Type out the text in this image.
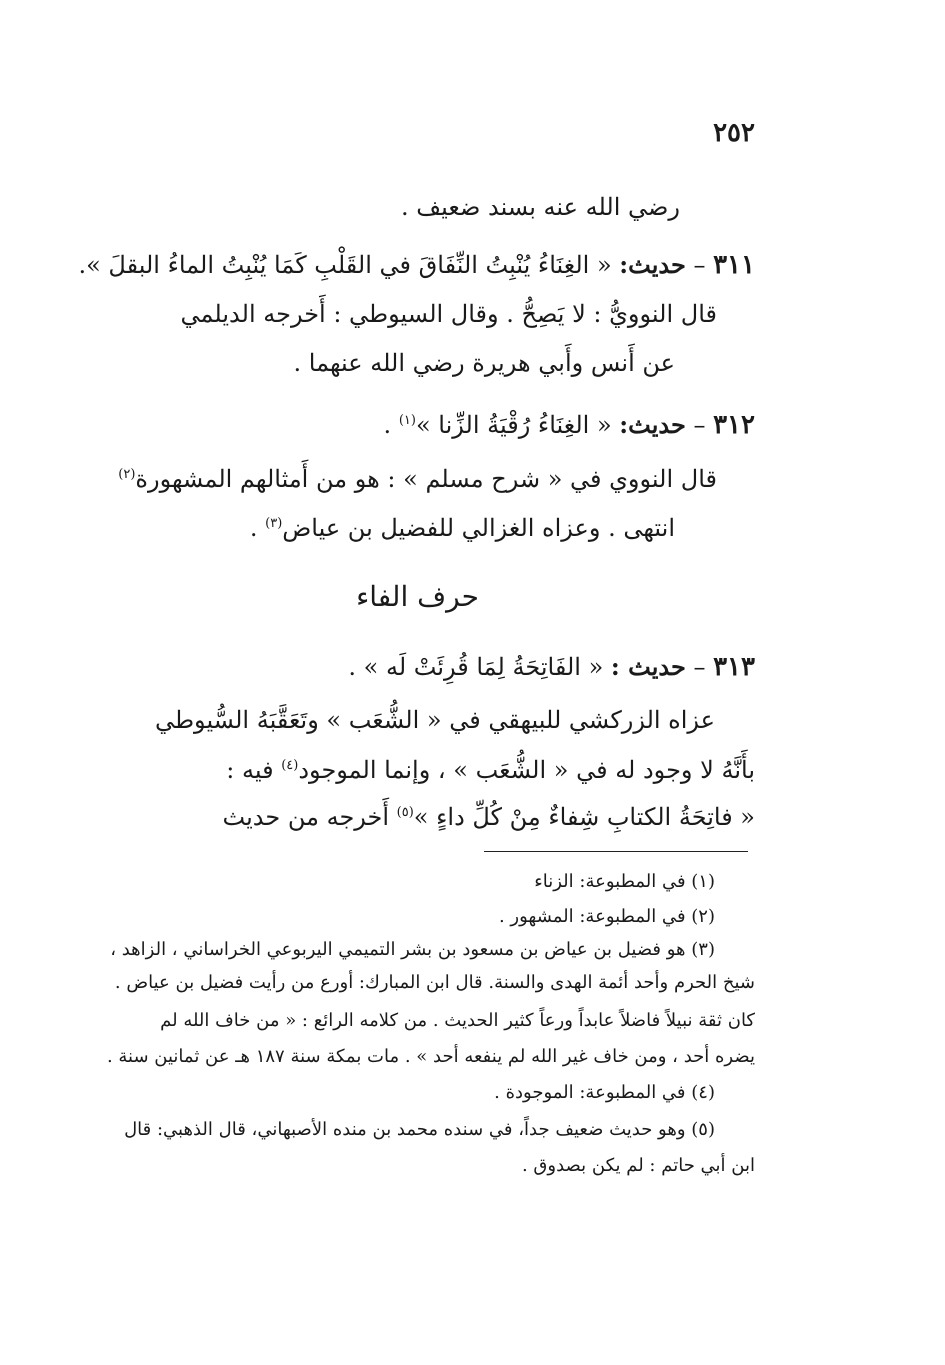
٢٥٢
رضي الله عنه بسند ضعيف .
٣١١ – حديث: « الغِنَاءُ يُنْبِتُ النِّفَاقَ في القَلْبِ كَمَا يُنْبِتُ الماءُ البقلَ ».
قال النوويُّ : لا يَصِحُّ . وقال السيوطي : أَخرجه الديلمي
عن أَنس وأَبي هريرة رضي الله عنهما .
٣١٢ – حديث: « الغِنَاءُ رُقْيَةُ الزِّنا »$^{(١)}$ .
قال النووي في « شرح مسلم » : هو من أَمثالهم المشهورة$^{(٢)}$
انتهى . وعزاه الغزالي للفضيل بن عياض$^{(٣)}$ .
حرف الفاء
٣١٣ – حديث : « الفَاتِحَةُ لِمَا قُرِئَتْ لَه » .
عزاه الزركشي للبيهقي في « الشُّعَب » وتَعَقَّبَهُ السُّيوطي
بأَنَّهُ لا وجود له في « الشُّعَب » ، وإنما الموجود$^{(٤)}$ فيه :
« فاتِحَةُ الكتابِ شِفاءٌ مِنْ كُلِّ داءٍ »$^{(٥)}$ أَخرجه من حديث
(١) في المطبوعة: الزناء
(٢) في المطبوعة: المشهور .
(٣) هو فضيل بن عياض بن مسعود بن بشر التميمي اليربوعي الخراساني ، الزاهد ،
شيخ الحرم وأحد أئمة الهدى والسنة. قال ابن المبارك: أورع من رأيت فضيل بن عياض .
كان ثقة نبيلاً فاضلاً عابداً ورعاً كثير الحديث . من كلامه الرائع : « من خاف الله لم
يضره أحد ، ومن خاف غير الله لم ينفعه أحد » . مات بمكة سنة ١٨٧ هـ عن ثمانين سنة .
(٤) في المطبوعة: الموجودة .
(٥) وهو حديث ضعيف جداً، في سنده محمد بن منده الأصبهاني، قال الذهبي: قال
ابن أبي حاتم : لم يكن بصدوق .
